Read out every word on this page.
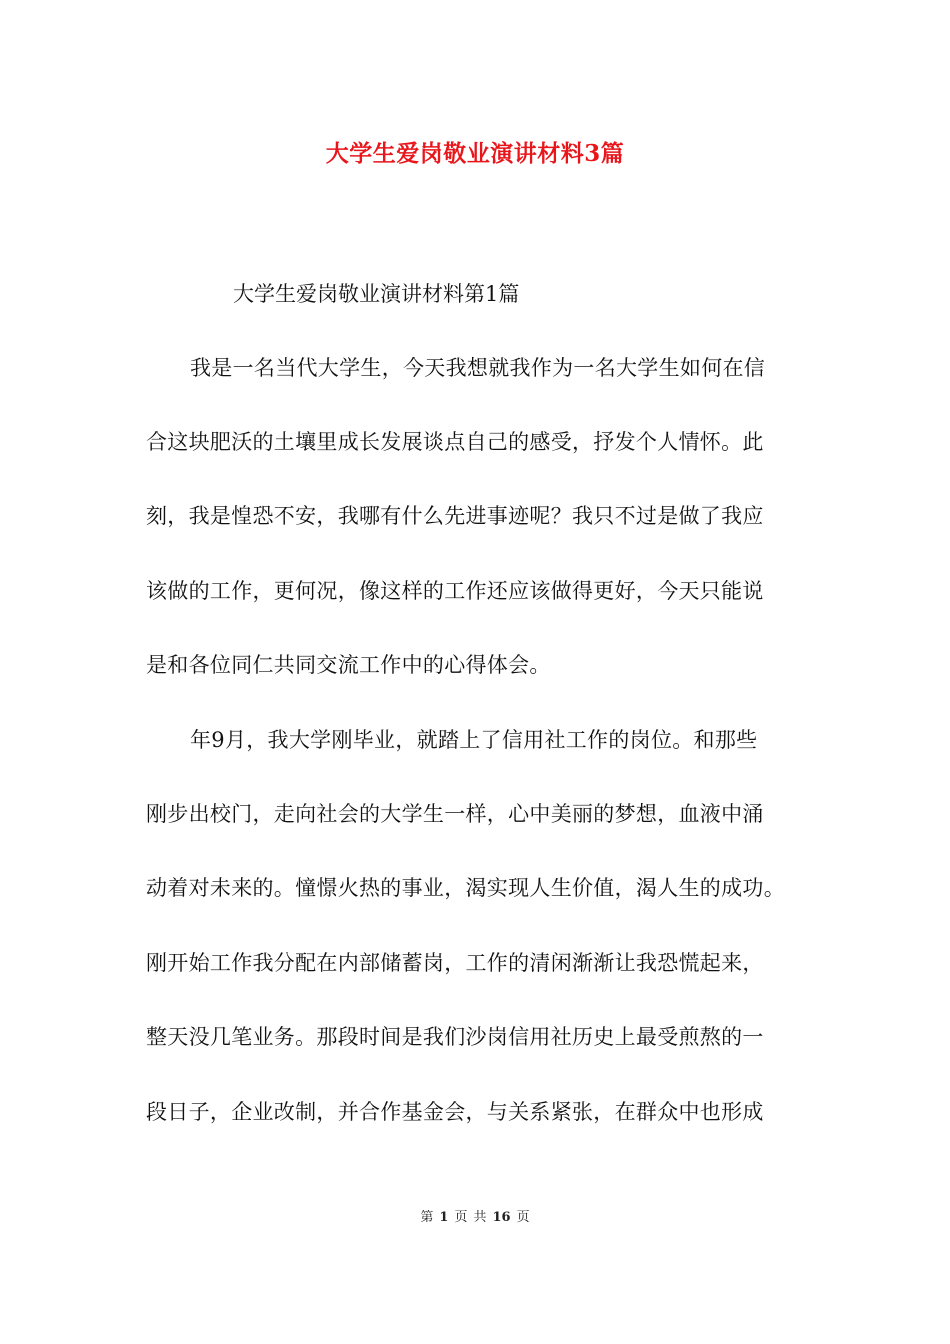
大学生爱岗敬业演讲材料3篇

大学生爱岗敬业演讲材料第1篇

我是一名当代大学生，今天我想就我作为一名大学生如何在信

合这块肥沃的土壤里成长发展谈点自己的感受，抒发个人情怀。此

刻，我是惶恐不安，我哪有什么先进事迹呢？我只不过是做了我应

该做的工作，更何况，像这样的工作还应该做得更好，今天只能说

是和各位同仁共同交流工作中的心得体会。

年9月，我大学刚毕业，就踏上了信用社工作的岗位。和那些

刚步出校门，走向社会的大学生一样，心中美丽的梦想，血液中涌

动着对未来的。憧憬火热的事业，渴实现人生价值，渴人生的成功。

刚开始工作我分配在内部储蓄岗，工作的清闲渐渐让我恐慌起来，

整天没几笔业务。那段时间是我们沙岗信用社历史上最受煎熬的一

段日子，企业改制，并合作基金会，与关系紧张，在群众中也形成

第 1 页 共 16 页
